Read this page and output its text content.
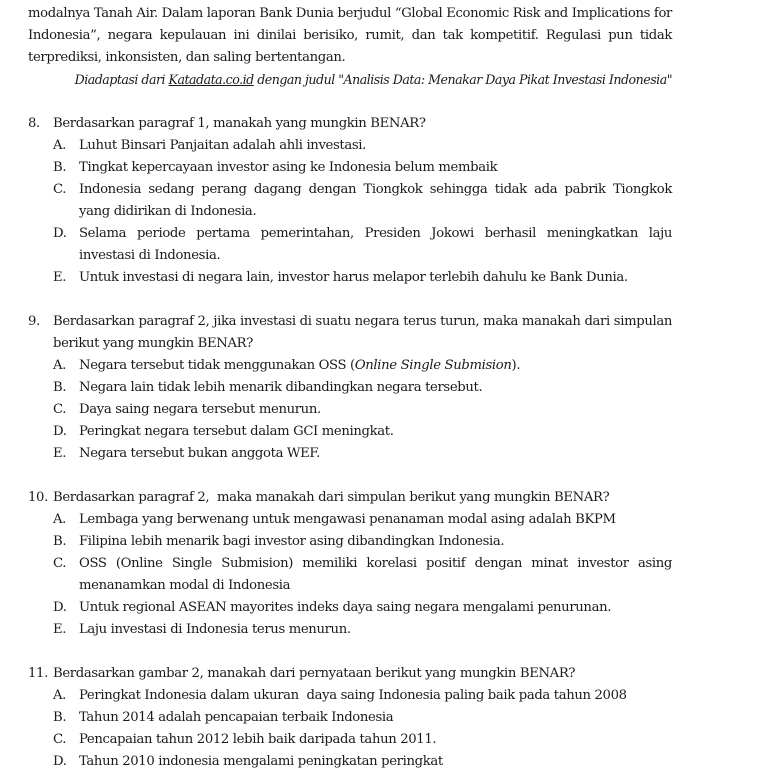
modalnya Tanah Air. Dalam laporan Bank Dunia berjudul “Global Economic Risk and Implications for Indonesia”, negara kepulauan ini dinilai berisiko, rumit, dan tak kompetitif. Regulasi pun tidak terprediksi, inkonsisten, dan saling bertentangan.

Diadaptasi dari Katadata.co.id dengan judul "Analisis Data: Menakar Daya Pikat Investasi Indonesia"
8. Berdasarkan paragraf 1, manakah yang mungkin BENAR?
A. Luhut Binsari Panjaitan adalah ahli investasi.
B. Tingkat kepercayaan investor asing ke Indonesia belum membaik
C. Indonesia sedang perang dagang dengan Tiongkok sehingga tidak ada pabrik Tiongkok yang didirikan di Indonesia.
D. Selama periode pertama pemerintahan, Presiden Jokowi berhasil meningkatkan laju investasi di Indonesia.
E. Untuk investasi di negara lain, investor harus melapor terlebih dahulu ke Bank Dunia.
9. Berdasarkan paragraf 2, jika investasi di suatu negara terus turun, maka manakah dari simpulan berikut yang mungkin BENAR?
A. Negara tersebut tidak menggunakan OSS (Online Single Submision).
B. Negara lain tidak lebih menarik dibandingkan negara tersebut.
C. Daya saing negara tersebut menurun.
D. Peringkat negara tersebut dalam GCI meningkat.
E. Negara tersebut bukan anggota WEF.
10. Berdasarkan paragraf 2,  maka manakah dari simpulan berikut yang mungkin BENAR?
A. Lembaga yang berwenang untuk mengawasi penanaman modal asing adalah BKPM
B. Filipina lebih menarik bagi investor asing dibandingkan Indonesia.
C. OSS (Online Single Submision) memiliki korelasi positif dengan minat investor asing menanamkan modal di Indonesia
D. Untuk regional ASEAN mayorites indeks daya saing negara mengalami penurunan.
E. Laju investasi di Indonesia terus menurun.
11. Berdasarkan gambar 2, manakah dari pernyataan berikut yang mungkin BENAR?
A. Peringkat Indonesia dalam ukuran  daya saing Indonesia paling baik pada tahun 2008
B. Tahun 2014 adalah pencapaian terbaik Indonesia
C. Pencapaian tahun 2012 lebih baik daripada tahun 2011.
D. Tahun 2010 indonesia mengalami peningkatan peringkat
